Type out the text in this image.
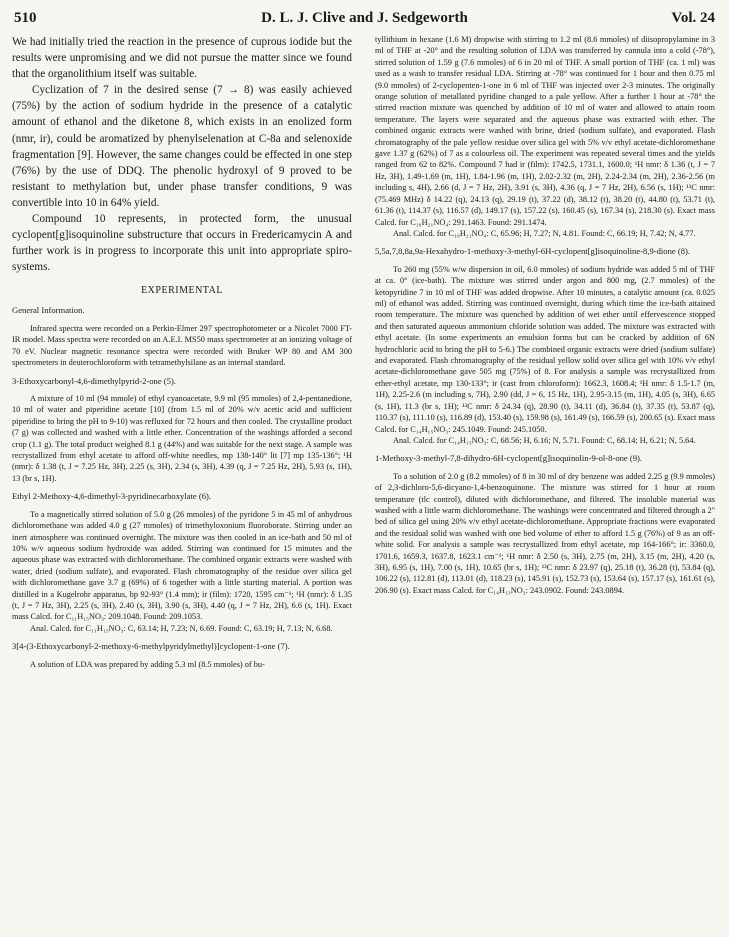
510	D. L. J. Clive and J. Sedgeworth	Vol. 24

We had initially tried the reaction in the presence of cuprous iodide but the results were unpromising and we did not pursue the matter since we found that the organolithium itself was suitable.

Cyclization of 7 in the desired sense (7 → 8) was easily achieved (75%) by the action of sodium hydride in the presence of a catalytic amount of ethanol and the diketone 8, which exists in an enolized form (nmr, ir), could be aromatized by phenylselenation at C-8a and selenoxide fragmentation [9]. However, the same changes could be effected in one step (76%) by the use of DDQ. The phenolic hydroxyl of 9 proved to be resistant to methylation but, under phase transfer conditions, 9 was convertible into 10 in 64% yield.

Compound 10 represents, in protected form, the unusual cyclopent[g]isoquinoline substructure that occurs in Fredericamycin A and further work is in progress to incorporate this unit into appropriate spiro-systems.

EXPERIMENTAL
General Information.

Infrared spectra were recorded on a Perkin-Elmer 297 spectrophotometer or a Nicolet 7000 FT-IR model. Mass spectra were recorded on an A.E.I. MS50 mass spectrometer at an ionizing voltage of 70 eV. Nuclear magnetic resonance spectra were recorded with Bruker WP 80 and AM 300 spectrometers in deuterochloroform with tetramethylsilane as an internal standard.

3-Ethoxycarbonyl-4,6-dimethylpyrid-2-one (5).

A mixture of 10 ml (94 mmole) of ethyl cyanoacetate, 9.9 ml (95 mmoles) of 2,4-pentanedione, 10 ml of water and piperidine acetate [10] (from 1.5 ml of 20% w/v acetic acid and sufficient piperidine to bring the pH to 9-10) was refluxed for 72 hours and then cooled. The crystalline product (7 g) was collected and washed with a little ether. Concentration of the washings afforded a second crop (1.1 g). The total product weighed 8.1 g (44%) and was suitable for the next stage. A sample was recrystallized from ethyl acetate to afford off-white needles, mp 138-140° lit [7] mp 135-136°; ¹H (nmr): δ 1.38 (t, J = 7.25 Hz, 3H), 2.25 (s, 3H), 2.34 (s, 3H), 4.39 (q, J = 7.25 Hz, 2H), 5.93 (s, 1H), 13 (br s, 1H).

Ethyl 2-Methoxy-4,6-dimethyl-3-pyridinecarboxylate (6).

To a magnetically stirred solution of 5.0 g (26 mmoles) of the pyridone 5 in 45 ml of anhydrous dichloromethane was added 4.0 g (27 mmoles) of trimethyloxonium fluoroborate. Stirring under an inert atmosphere was continued overnight. The mixture was then cooled in an ice-bath and 50 ml of 10% w/v aqueous sodium hydroxide was added. Stirring was continued for 15 minutes and the aqueous phase was extracted with dichloromethane. The combined organic extracts were washed with water, dried (sodium sulfate), and evaporated. Flash chromatography of the residue over silica gel with dichloromethane gave 3.7 g (69%) of 6 together with a little starting material. A portion was distilled in a Kugelrohr apparatus, bp 92-93° (1.4 mm); ir (film): 1720, 1595 cm⁻¹; ¹H (nmr): δ 1.35 (t, J = 7 Hz, 3H), 2.25 (s, 3H), 2.40 (s, 3H), 3.90 (s, 3H), 4.40 (q, J = 7 Hz, 2H), 6.6 (s, 1H). Exact mass Calcd. for C₁₁H₁₅NO₃: 209.1048. Found: 209.1053.

Anal. Calcd. for C₁₁H₁₅NO₃: C, 63.14; H, 7.23; N, 6.69. Found: C, 63.19; H, 7.13; N, 6.68.

3[4-(3-Ethoxycarbonyl-2-methoxy-6-methylpyridylmethyl)]cyclopent-1-one (7).

A solution of LDA was prepared by adding 5.3 ml (8.5 mmoles) of bu-

tyllithium in hexane (1.6 M) dropwise with stirring to 1.2 ml (8.6 mmoles) of diisopropylamine in 3 ml of THF at -20° and the resulting solution of LDA was transferred by cannula into a cold (-78°), stirred solution of 1.59 g (7.6 mmoles) of 6 in 20 ml of THF. A small portion of THF (ca. 1 ml) was used as a wash to transfer residual LDA. Stirring at -78° was continued for 1 hour and then 0.75 ml (9.0 mmoles) of 2-cyclopenten-1-one in 6 ml of THF was injected over 2-3 minutes. The originally orange solution of metallated pyridine changed to a pale yellow. After a further 1 hour at -78° the stirred reaction mixture was quenched by addition of 10 ml of water and allowed to attain room temperature. The layers were separated and the aqueous phase was extracted with ether. The combined organic extracts were washed with brine, dried (sodium sulfate), and evaporated. Flash chromatography of the pale yellow residue over silica gel with 5% v/v ethyl acetate-dichloromethane gave 1.37 g (62%) of 7 as a colourless oil. The experiment was repeated several times and the yields ranged from 62 to 82%. Compound 7 had ir (film): 1742.5, 1731.1, 1600.0; ¹H nmr: δ 1.36 (t, J = 7 Hz, 3H), 1.49-1.69 (m, 1H), 1.84-1.96 (m, 1H), 2.02-2.32 (m, 2H), 2.24-2.34 (m, 2H), 2.36-2.56 (m including s, 4H), 2.66 (d, J = 7 Hz, 2H), 3.91 (s, 3H), 4.36 (q, J = 7 Hz, 2H), 6.56 (s, 1H); ¹³C nmr: (75.469 MHz) δ 14.22 (q), 24.13 (q), 29.19 (t), 37.22 (d), 38.12 (t), 38.20 (t), 44.80 (t), 53.71 (t), 61.36 (t), 114.37 (s), 116.57 (d), 149.17 (s), 157.22 (s), 160.45 (s), 167.34 (s), 218.30 (s). Exact mass Calcd. for C₁₆H₂₁NO₄: 291.1463. Found: 291.1474.

Anal. Calcd. for C₁₆H₂₁NO₄: C, 65.96; H, 7.27; N, 4.81. Found: C, 66.19; H, 7.42; N, 4.77.

5,5a,7,8,8a,9a-Hexahydro-1-methoxy-3-methyl-6H-cyclopent[g]isoquinoline-8,9-dione (8).

To 260 mg (55% w/w dispersion in oil, 6.0 mmoles) of sodium hydride was added 5 ml of THF at ca. 0° (ice-bath). The mixture was stirred under argon and 800 mg, (2.7 mmoles) of the ketopyridine 7 in 10 ml of THF was added dropwise. After 10 minutes, a catalytic amount (ca. 0.025 ml) of ethanol was added. Stirring was continued overnight, during which time the ice-bath attained room temperature. The mixture was quenched by addition of wet ether until effervescence stopped and then saturated aqueous ammonium chloride solution was added. The mixture was extracted with ethyl acetate. (In some experiments an emulsion forms but can be cracked by addition of 6N hydrochloric acid to bring the pH to 5-6.) The combined organic extracts were dried (sodium sulfate) and evaporated. Flash chromatography of the residual yellow solid over silica gel with 10% v/v ethyl acetate-dichloromethane gave 505 mg (75%) of 8. For analysis a sample was recrystallized from ether-ethyl acetate, mp 130-133°; ir (cast from chloroform): 1662.3, 1608.4; ¹H nmr: δ 1.5-1.7 (m, 1H), 2.25-2.6 (m including s, 7H), 2.90 (dd, J = 6, 15 Hz, 1H), 2.95-3.15 (m, 1H), 4.05 (s, 3H), 6.65 (s, 1H), 11.3 (br s, 1H); ¹³C nmr: δ 24.34 (q), 28.90 (t), 34.11 (d), 36.84 (t), 37.35 (t), 53.87 (q), 110.37 (s), 111.10 (s), 116.89 (d), 153.40 (s), 159.98 (s), 161.49 (s), 166.59 (s), 200.65 (s). Exact mass Calcd. for C₁₄H₁₅NO₃: 245.1049. Found: 245.1050.

Anal. Calcd. for C₁₄H₁₅NO₃: C, 68.56; H, 6.16; N, 5.71. Found: C, 68.14; H, 6.21; N, 5.64.

1-Methoxy-3-methyl-7,8-dihydro-6H-cyclopent[g]isoquinolin-9-ol-8-one (9).

To a solution of 2.0 g (8.2 mmoles) of 8 in 30 ml of dry benzene was added 2.25 g (9.9 mmoles) of 2,3-dichloro-5,6-dicyano-1,4-benzoquinone. The mixture was stirred for 1 hour at room temperature (tlc control), diluted with dichloromethane, and filtered. The insoluble material was washed with a little warm dichloromethane. The washings were concentrated and filtered through a 2" bed of silica gel using 20% v/v ethyl acetate-dichloromethane. Appropriate fractions were evaporated and the residual solid was washed with one bed volume of ether to afford 1.5 g (76%) of 9 as an off-white solid. For analysis a sample was recrystallized from ethyl acetate, mp 164-166°; ir: 3360.0, 1701.6, 1659.3, 1637.8, 1623.1 cm⁻¹; ¹H nmr: δ 2.50 (s, 3H), 2.75 (m, 2H), 3.15 (m, 2H), 4.20 (s, 3H), 6.95 (s, 1H), 7.00 (s, 1H), 10.65 (br s, 1H); ¹³C nmr: δ 23.97 (q), 25.18 (t), 36.28 (t), 53.84 (q), 106.22 (s), 112.81 (d), 113.01 (d), 118.23 (s), 145.91 (s), 152.73 (s), 153.64 (s), 157.17 (s), 161.61 (s), 206.90 (s). Exact mass Calcd. for C₁₄H₁₃NO₃: 243.0902. Found: 243.0894.
